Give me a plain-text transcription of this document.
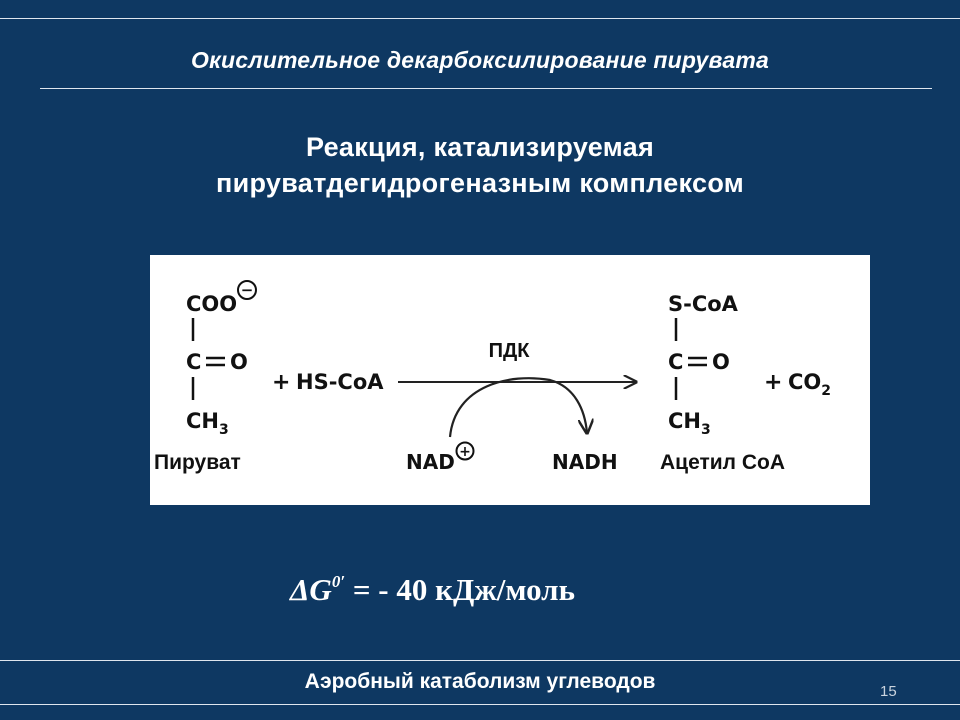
Окислительное декарбоксилирование пирувата
Реакция, катализируемая
пируватдегидрогеназным комплексом
COO
−
C O
$CH_3$
Пируват
+ HS-CoA
ПДК
NAD +	NADH
S-CoA
C O
$CH_3$
Ацетил CoA
+ $CO_2$
$\Delta G^{0'}$ = - 40 кДж/моль
Аэробный катаболизм углеводов	15
